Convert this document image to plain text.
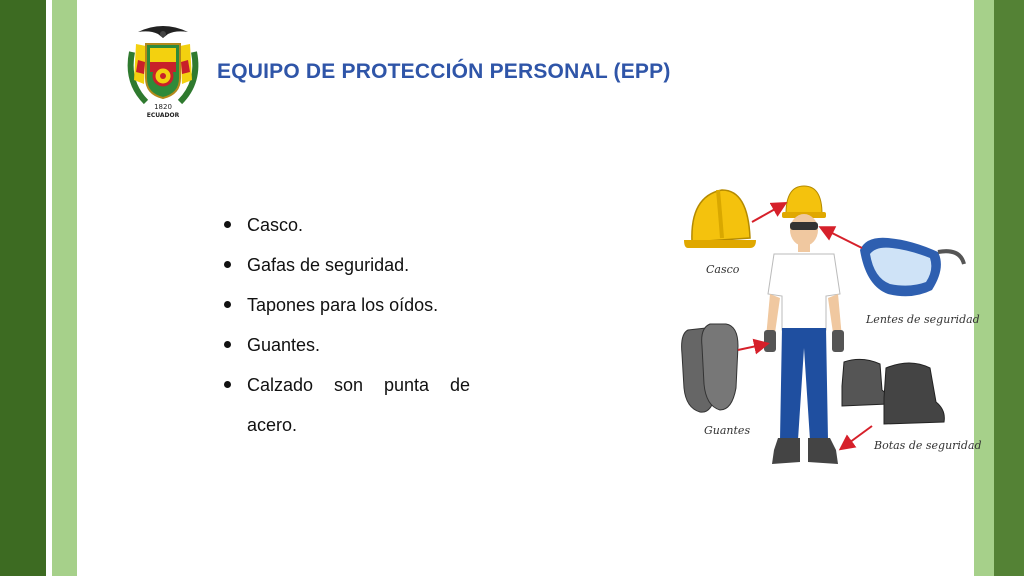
1820
ECUADOR
EQUIPO DE PROTECCIÓN PERSONAL (EPP)
Casco.
Gafas de seguridad.
Tapones para los oídos.
Guantes.
Calzado son punta de
acero.
Casco
Lentes de seguridad
Guantes
Botas de seguridad
